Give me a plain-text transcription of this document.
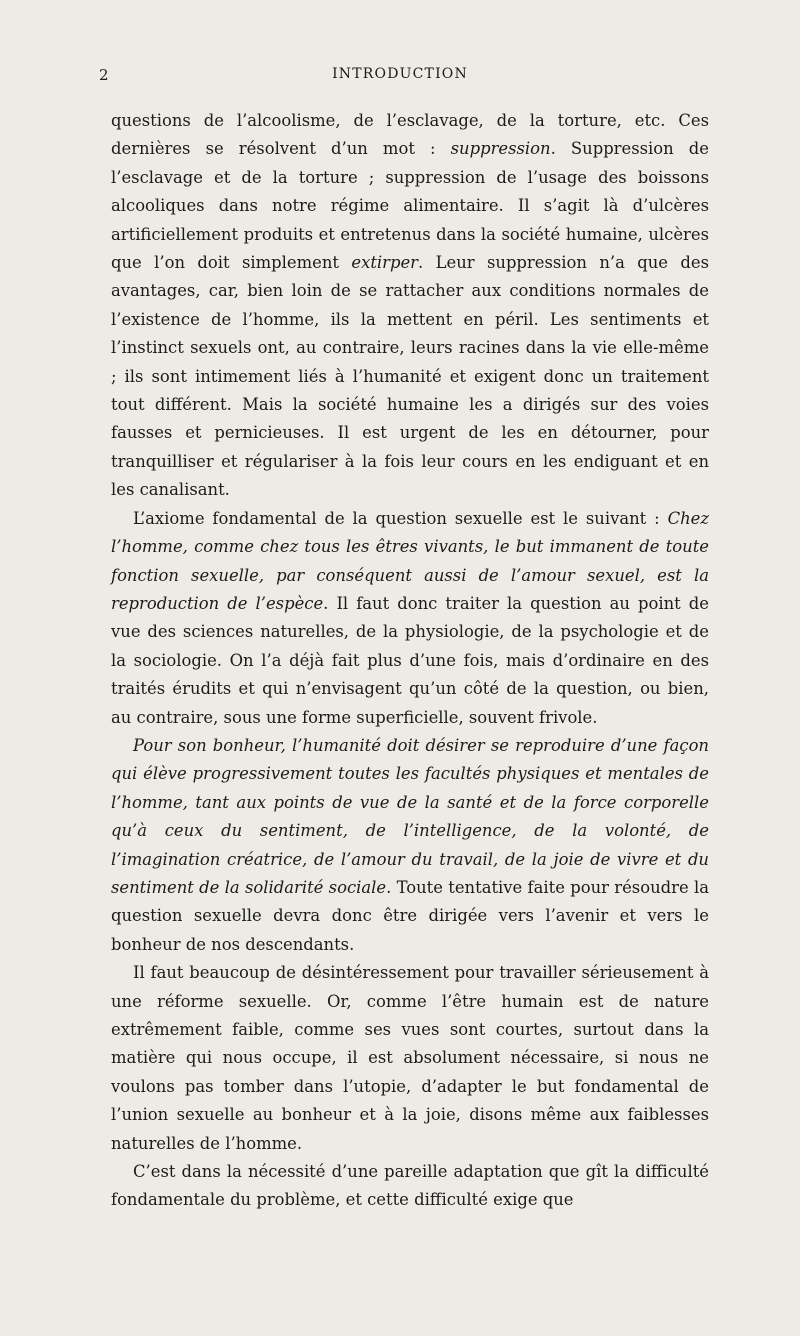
2	INTRODUCTION

questions de l’alcoolisme, de l’esclavage, de la torture, etc. Ces dernières se résolvent d’un mot : suppression. Suppression de l’esclavage et de la torture ; suppression de l’usage des boissons alcooliques dans notre régime alimentaire. Il s’agit là d’ulcères artificiellement produits et entretenus dans la société humaine, ulcères que l’on doit simplement extirper. Leur suppression n’a que des avantages, car, bien loin de se rattacher aux conditions normales de l’existence de l’homme, ils la mettent en péril. Les sentiments et l’instinct sexuels ont, au contraire, leurs racines dans la vie elle-même ; ils sont intimement liés à l’humanité et exigent donc un traitement tout différent. Mais la société humaine les a dirigés sur des voies fausses et pernicieuses. Il est urgent de les en détourner, pour tranquilliser et régulariser à la fois leur cours en les endiguant et en les canalisant.

L’axiome fondamental de la question sexuelle est le suivant : Chez l’homme, comme chez tous les êtres vivants, le but immanent de toute fonction sexuelle, par conséquent aussi de l’amour sexuel, est la reproduction de l’espèce. Il faut donc traiter la question au point de vue des sciences naturelles, de la physiologie, de la psychologie et de la sociologie. On l’a déjà fait plus d’une fois, mais d’ordinaire en des traités érudits et qui n’envisagent qu’un côté de la question, ou bien, au contraire, sous une forme superficielle, souvent frivole.

Pour son bonheur, l’humanité doit désirer se reproduire d’une façon qui élève progressivement toutes les facultés physiques et mentales de l’homme, tant aux points de vue de la santé et de la force corporelle qu’à ceux du sentiment, de l’intelligence, de la volonté, de l’imagination créatrice, de l’amour du travail, de la joie de vivre et du sentiment de la solidarité sociale. Toute tentative faite pour résoudre la question sexuelle devra donc être dirigée vers l’avenir et vers le bonheur de nos descendants.

Il faut beaucoup de désintéressement pour travailler sérieusement à une réforme sexuelle. Or, comme l’être humain est de nature extrêmement faible, comme ses vues sont courtes, surtout dans la matière qui nous occupe, il est absolument nécessaire, si nous ne voulons pas tomber dans l’utopie, d’adapter le but fondamental de l’union sexuelle au bonheur et à la joie, disons même aux faiblesses naturelles de l’homme.

C’est dans la nécessité d’une pareille adaptation que gît la difficulté fondamentale du problème, et cette difficulté exige que
